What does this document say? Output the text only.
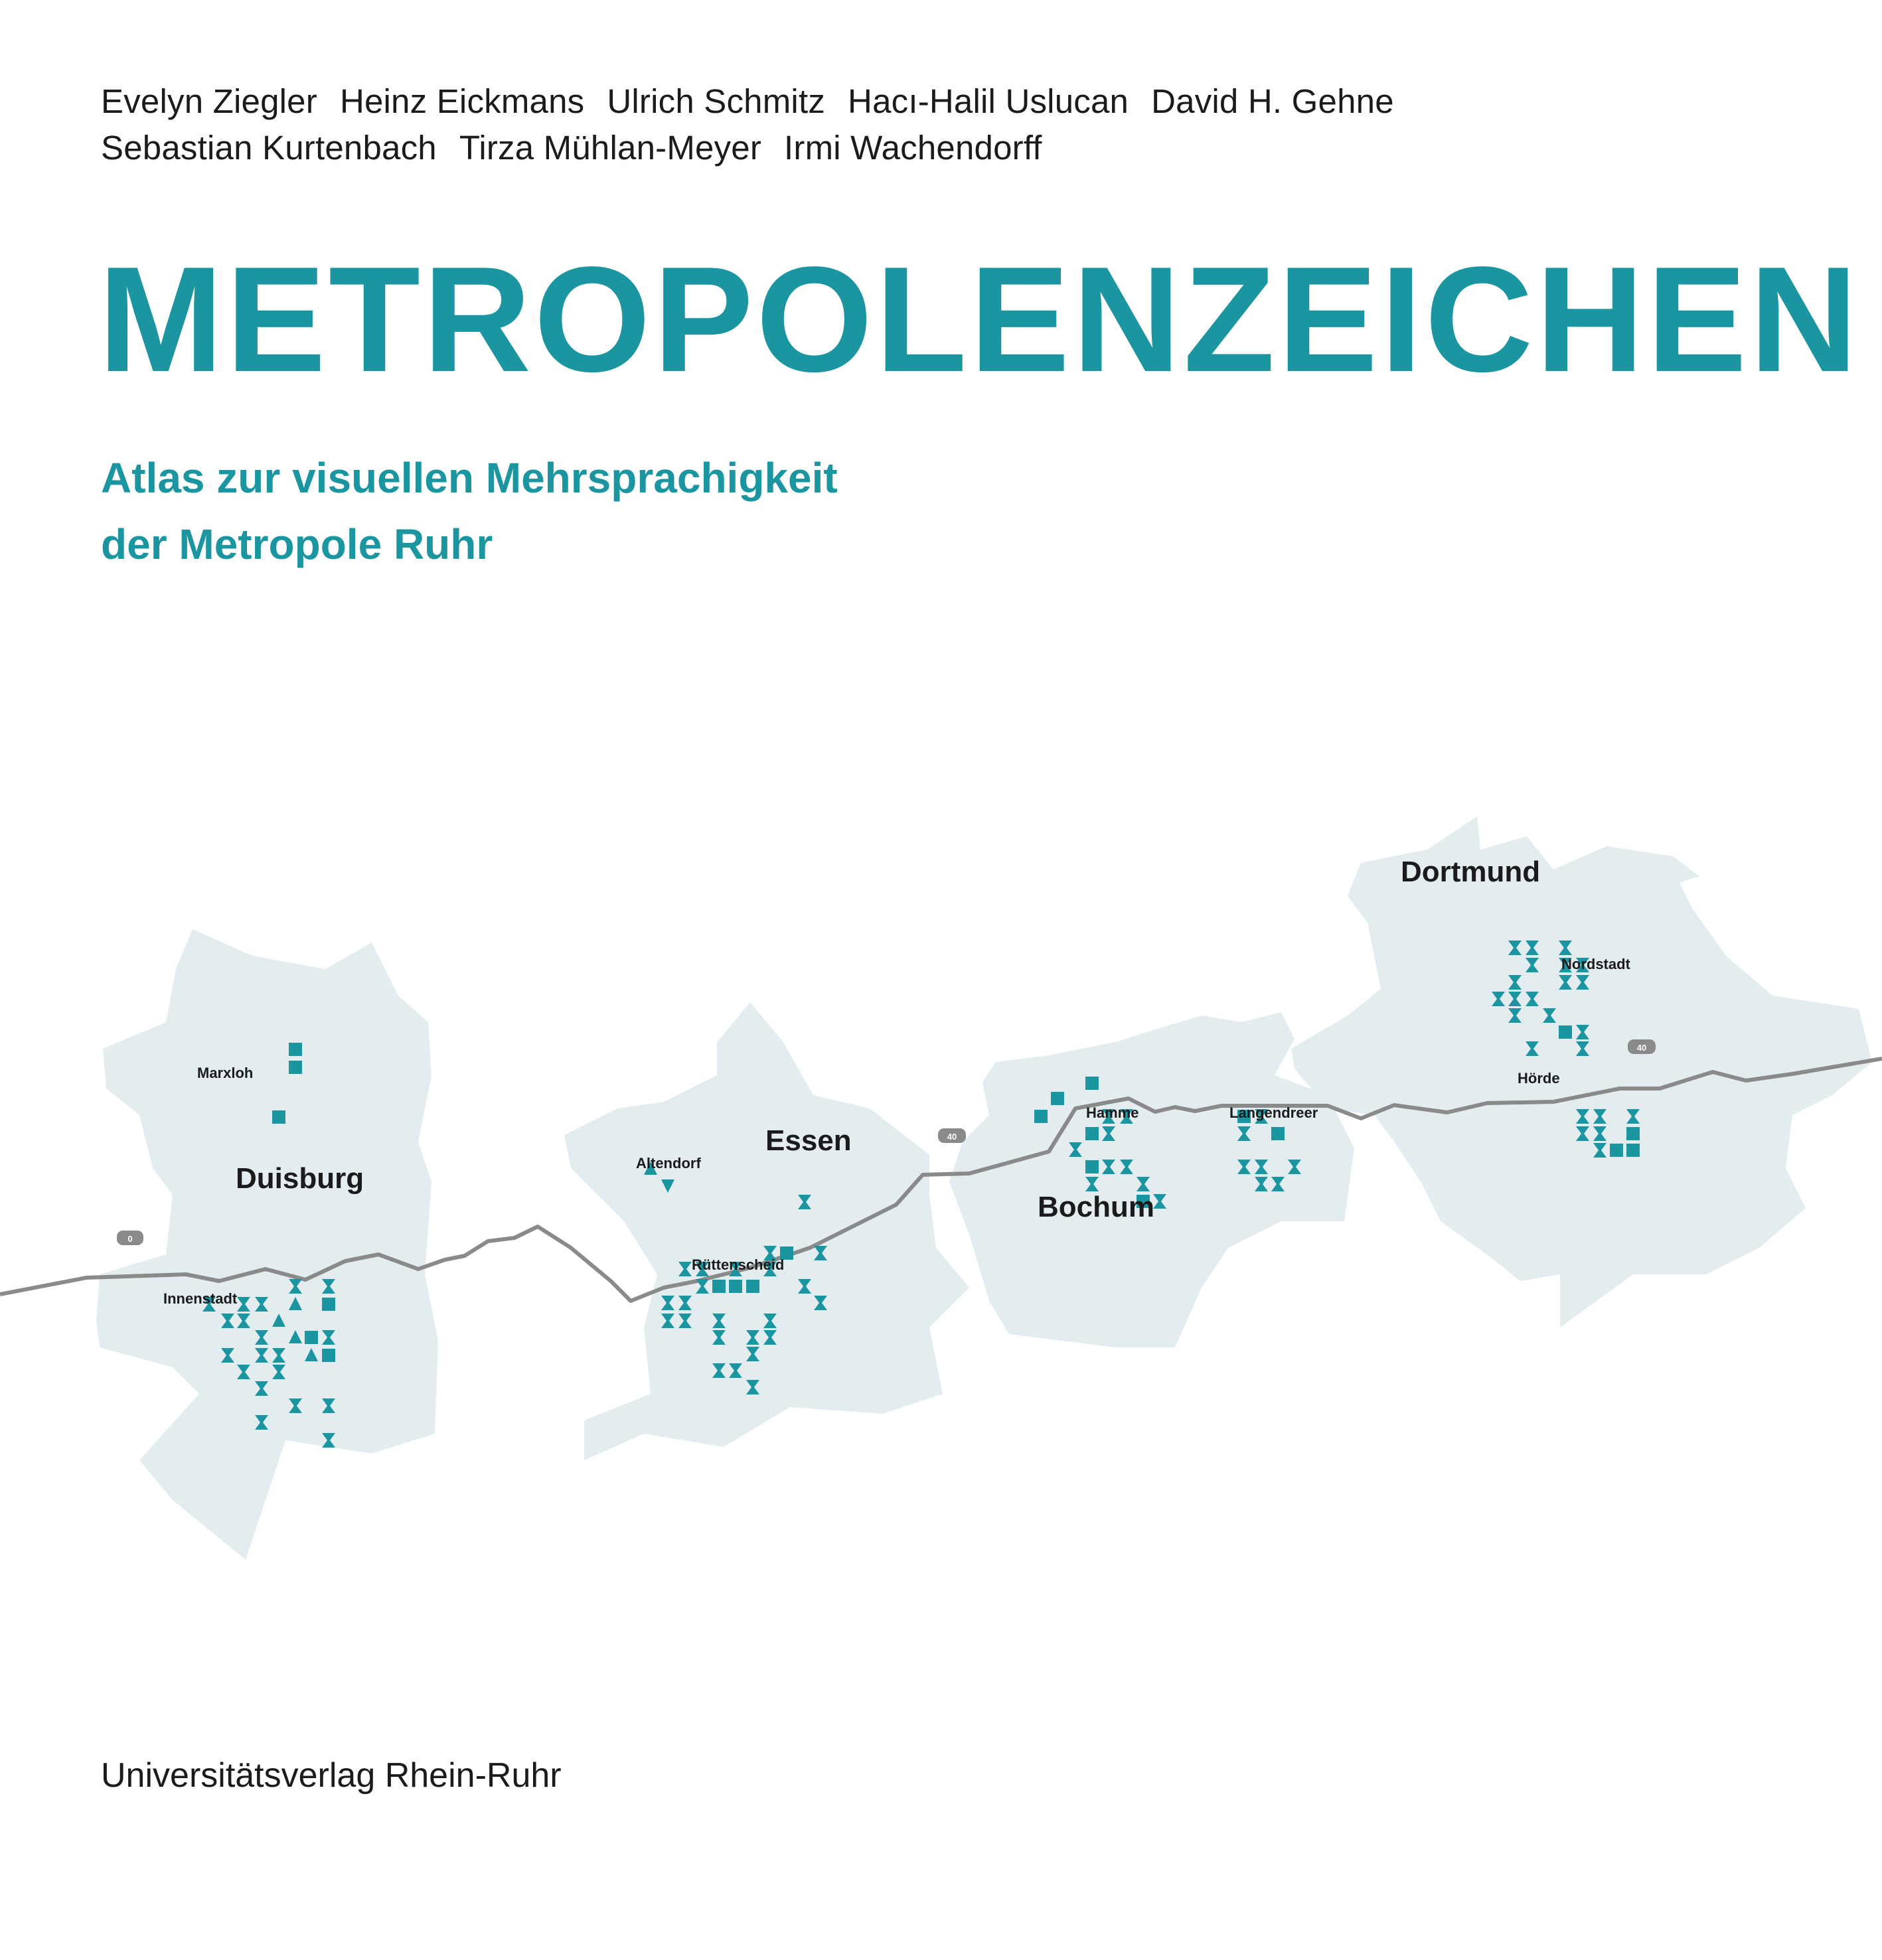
Evelyn Ziegler Heinz Eickmans Ulrich Schmitz Hacı-Halil Uslucan David H. Gehne
Sebastian Kurtenbach Tirza Mühlan-Meyer Irmi Wachendorff
METROPOLENZEICHEN
Atlas zur visuellen Mehrsprachigkeit
der Metropole Ruhr
0
40
40
Duisburg
Essen
Bochum
Dortmund
Marxloh
Innenstadt
Altendorf
Rüttenscheid
Hamme	Langendreer
Nordstadt
Hörde
Universitätsverlag Rhein-Ruhr
